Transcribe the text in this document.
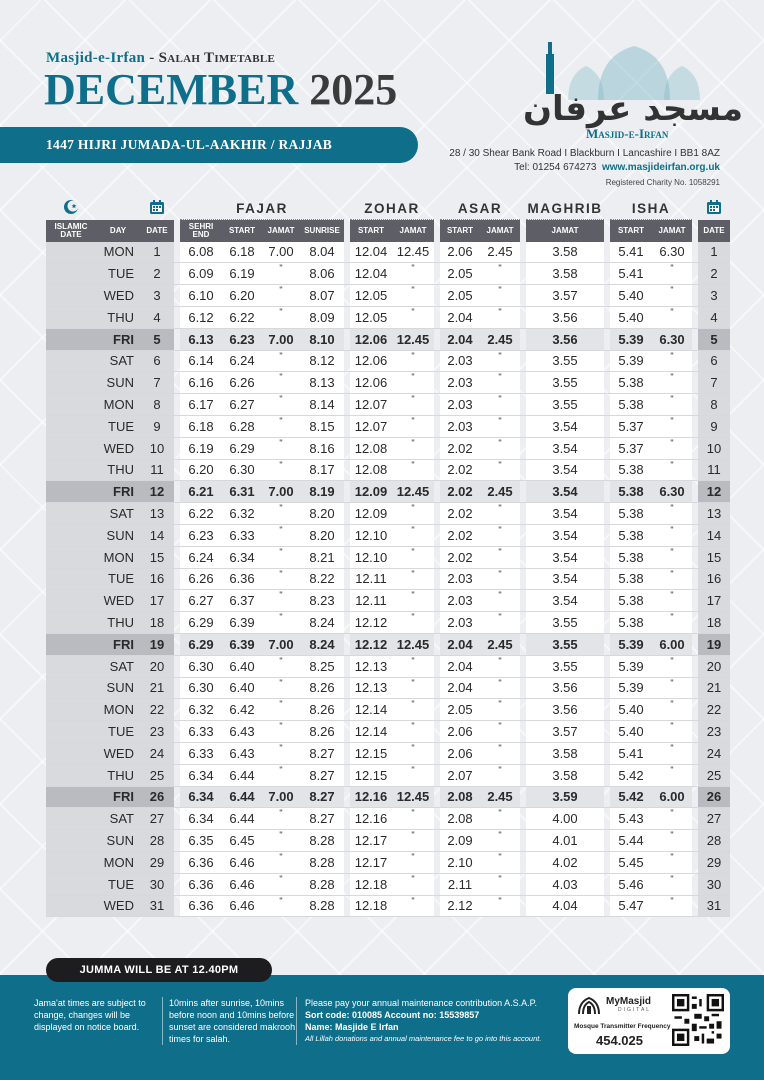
Masjid-e-Irfan - Salah Timetable
DECEMBER 2025
1447 HIJRI JUMADA-UL-AAKHIR / RAJJAB
مسجد عرفان
Masjid-e-Irfan
28 / 30 Shear Bank Road I Blackburn I Lancashire I BB1 8AZ
Tel: 01254 674273 www.masjideirfan.org.uk
Registered Charity No. 1058291
				FAJAR					ZOHAR			ASAR			MAGHRIB		ISHA		
ISLAMIC DATE	DAY	DATE		SEHRI END	START	JAMAT	SUNRISE		START	JAMAT		START	JAMAT		JAMAT		START	JAMAT		DATE
	MON	1		6.08	6.18	7.00	8.04		12.04	12.45		2.06	2.45		3.58		5.41	6.30		1
	TUE	2		6.09	6.19	"	8.06		12.04	"		2.05	"		3.58		5.41	"		2
	WED	3		6.10	6.20	"	8.07		12.05	"		2.05	"		3.57		5.40	"		3
	THU	4		6.12	6.22	"	8.09		12.05	"		2.04	"		3.56		5.40	"		4
	FRI	5		6.13	6.23	7.00	8.10		12.06	12.45		2.04	2.45		3.56		5.39	6.30		5
	SAT	6		6.14	6.24	"	8.12		12.06	"		2.03	"		3.55		5.39	"		6
	SUN	7		6.16	6.26	"	8.13		12.06	"		2.03	"		3.55		5.38	"		7
	MON	8		6.17	6.27	"	8.14		12.07	"		2.03	"		3.55		5.38	"		8
	TUE	9		6.18	6.28	"	8.15		12.07	"		2.03	"		3.54		5.37	"		9
	WED	10		6.19	6.29	"	8.16		12.08	"		2.02	"		3.54		5.37	"		10
	THU	11		6.20	6.30	"	8.17		12.08	"		2.02	"		3.54		5.38	"		11
	FRI	12		6.21	6.31	7.00	8.19		12.09	12.45		2.02	2.45		3.54		5.38	6.30		12
	SAT	13		6.22	6.32	"	8.20		12.09	"		2.02	"		3.54		5.38	"		13
	SUN	14		6.23	6.33	"	8.20		12.10	"		2.02	"		3.54		5.38	"		14
	MON	15		6.24	6.34	"	8.21		12.10	"		2.02	"		3.54		5.38	"		15
	TUE	16		6.26	6.36	"	8.22		12.11	"		2.03	"		3.54		5.38	"		16
	WED	17		6.27	6.37	"	8.23		12.11	"		2.03	"		3.54		5.38	"		17
	THU	18		6.29	6.39	"	8.24		12.12	"		2.03	"		3.55		5.38	"		18
	FRI	19		6.29	6.39	7.00	8.24		12.12	12.45		2.04	2.45		3.55		5.39	6.00		19
	SAT	20		6.30	6.40	"	8.25		12.13	"		2.04	"		3.55		5.39	"		20
	SUN	21		6.30	6.40	"	8.26		12.13	"		2.04	"		3.56		5.39	"		21
	MON	22		6.32	6.42	"	8.26		12.14	"		2.05	"		3.56		5.40	"		22
	TUE	23		6.33	6.43	"	8.26		12.14	"		2.06	"		3.57		5.40	"		23
	WED	24		6.33	6.43	"	8.27		12.15	"		2.06	"		3.58		5.41	"		24
	THU	25		6.34	6.44	"	8.27		12.15	"		2.07	"		3.58		5.42	"		25
	FRI	26		6.34	6.44	7.00	8.27		12.16	12.45		2.08	2.45		3.59		5.42	6.00		26
	SAT	27		6.34	6.44	"	8.27		12.16	"		2.08	"		4.00		5.43	"		27
	SUN	28		6.35	6.45	"	8.28		12.17	"		2.09	"		4.01		5.44	"		28
	MON	29		6.36	6.46	"	8.28		12.17	"		2.10	"		4.02		5.45	"		29
	TUE	30		6.36	6.46	"	8.28		12.18	"		2.11	"		4.03		5.46	"		30
	WED	31		6.36	6.46	"	8.28		12.18	"		2.12	"		4.04		5.47	"		31
JUMMA WILL BE AT 12.40PM
Jama'at times are subject to change, changes will be displayed on notice board.
10mins after sunrise, 10mins before noon and 10mins before sunset are considered makrooh times for salah.
Please pay your annual maintenance contribution A.S.A.P.
Sort code: 010085 Account no: 15539857
Name: Masjide E Irfan
All Lillah donations and annual maintenance fee to go into this account.
MyMasjid
DIGITAL
Mosque Transmitter Frequency
454.025
